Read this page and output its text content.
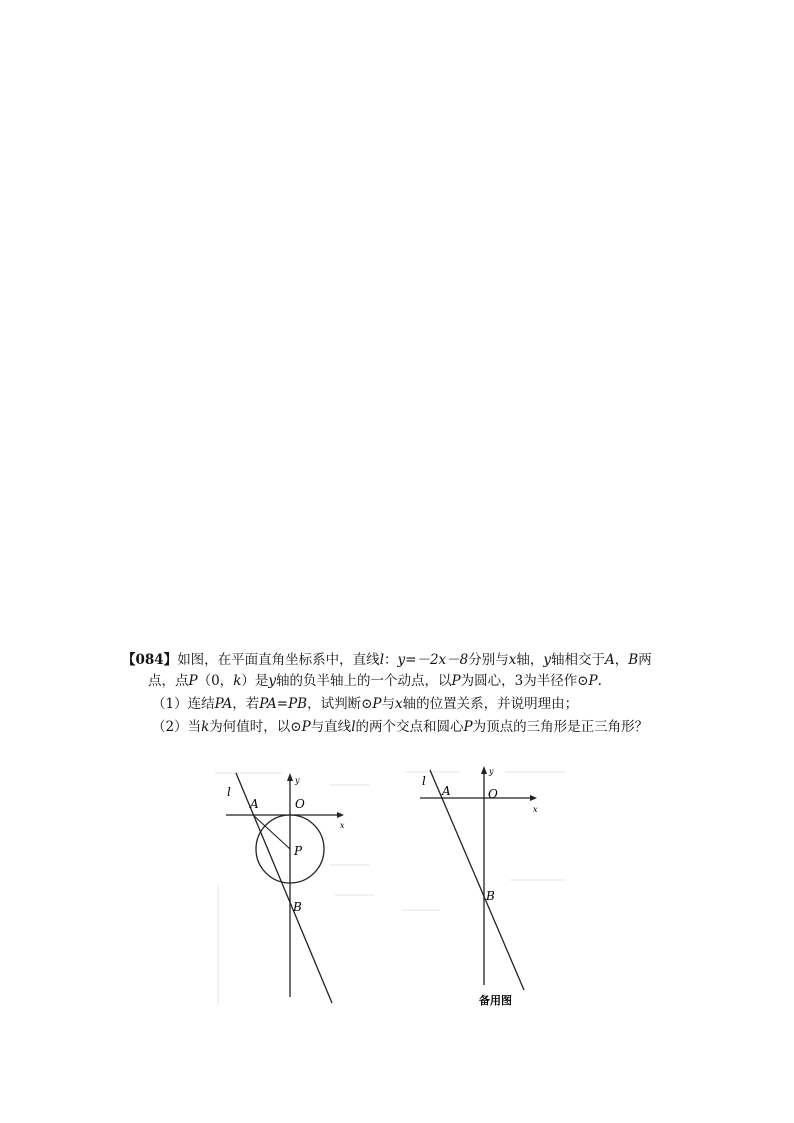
【084】如图，在平面直角坐标系中，直线l：y=－2x－8分别与x轴，y轴相交于A，B两
点，点P（0，k）是y轴的负半轴上的一个动点，以P为圆心，3为半径作⊙P.
（1）连结PA，若PA=PB，试判断⊙P与x轴的位置关系，并说明理由；
（2）当k为何值时，以⊙P与直线l的两个交点和圆心P为顶点的三角形是正三角形？
l
A	O
x
y
P
B
l
A	O
x
y
B
备用图
